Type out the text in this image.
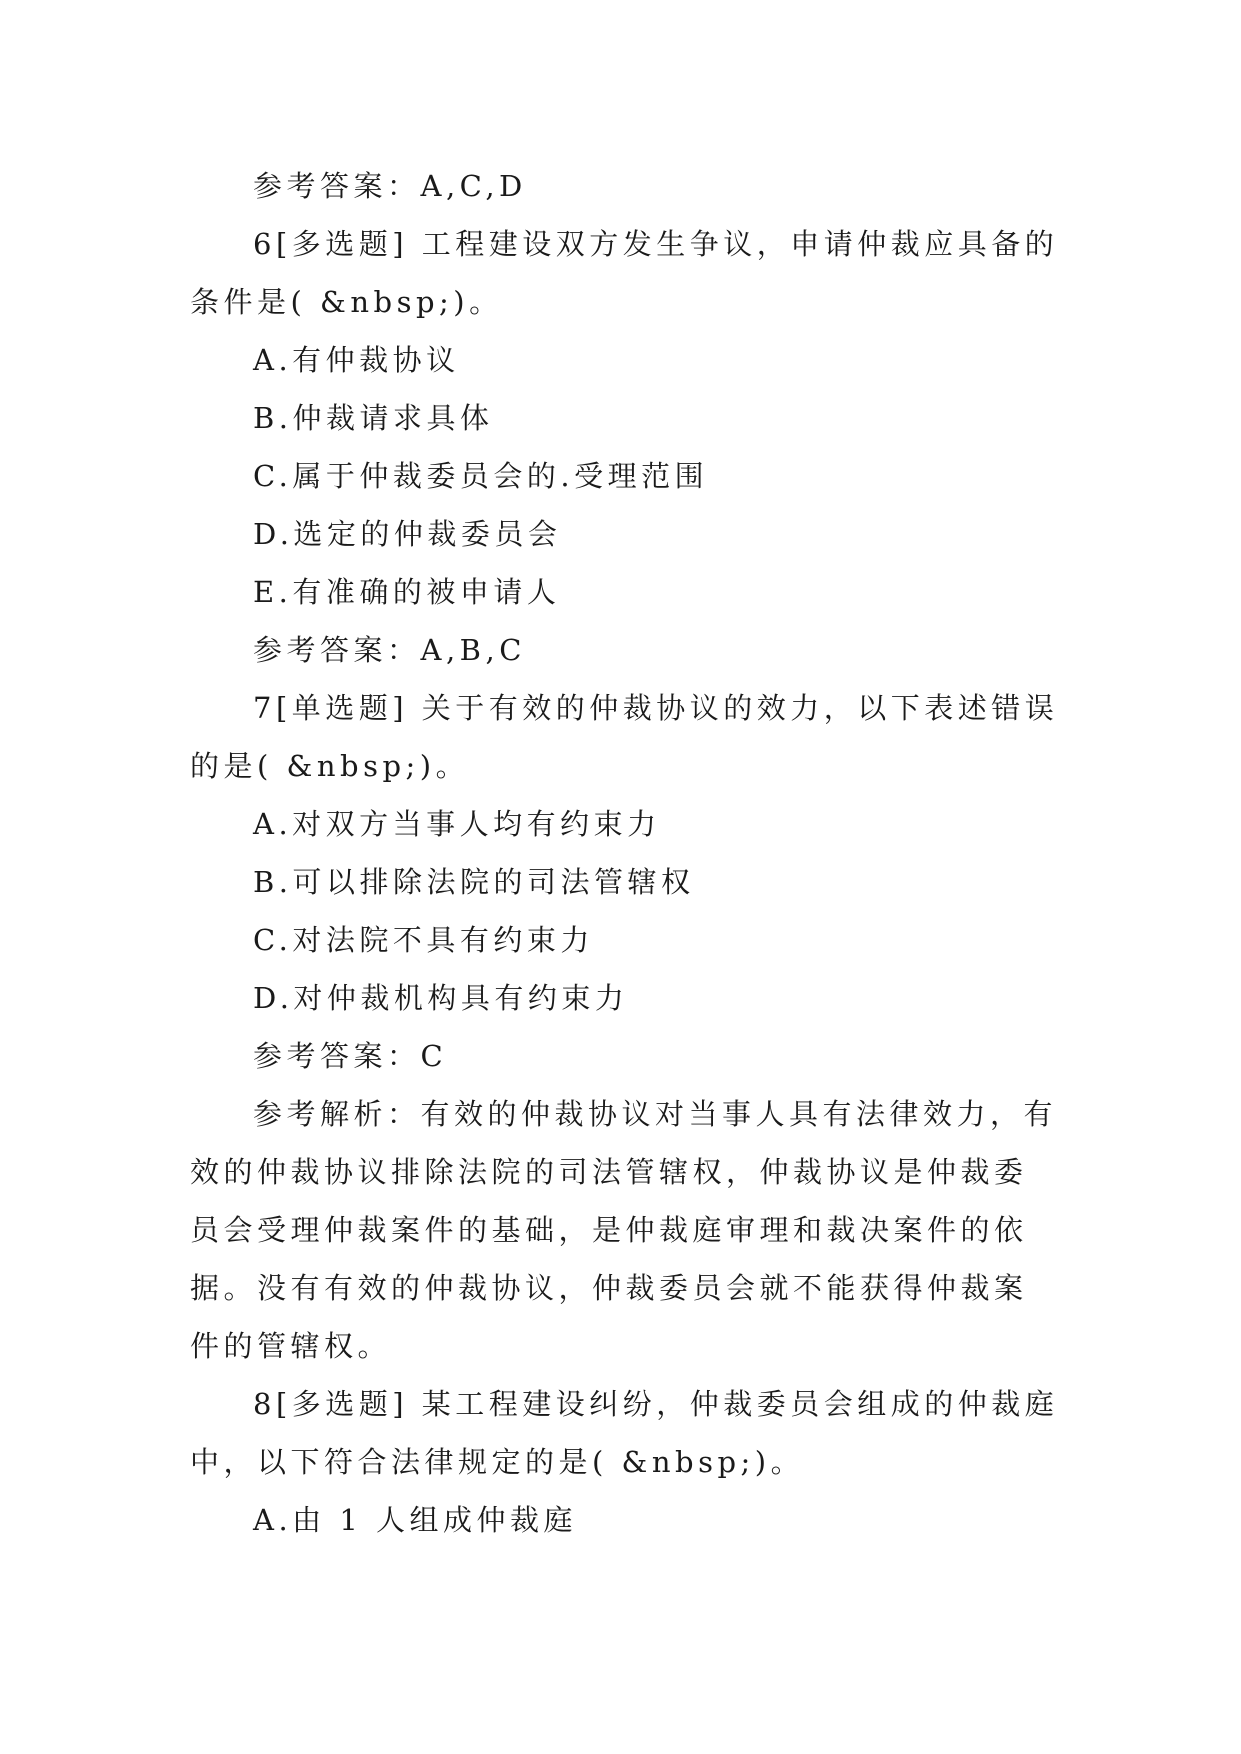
参考答案：A,C,D

6[多选题] 工程建设双方发生争议，申请仲裁应具备的条件是( &nbsp;)。

A.有仲裁协议

B.仲裁请求具体

C.属于仲裁委员会的.受理范围

D.选定的仲裁委员会

E.有准确的被申请人

参考答案：A,B,C

7[单选题] 关于有效的仲裁协议的效力，以下表述错误的是( &nbsp;)。

A.对双方当事人均有约束力

B.可以排除法院的司法管辖权

C.对法院不具有约束力

D.对仲裁机构具有约束力

参考答案：C

参考解析：有效的仲裁协议对当事人具有法律效力，有效的仲裁协议排除法院的司法管辖权，仲裁协议是仲裁委员会受理仲裁案件的基础，是仲裁庭审理和裁决案件的依据。没有有效的仲裁协议，仲裁委员会就不能获得仲裁案件的管辖权。

8[多选题] 某工程建设纠纷，仲裁委员会组成的仲裁庭中，以下符合法律规定的是( &nbsp;)。

A.由 1 人组成仲裁庭
